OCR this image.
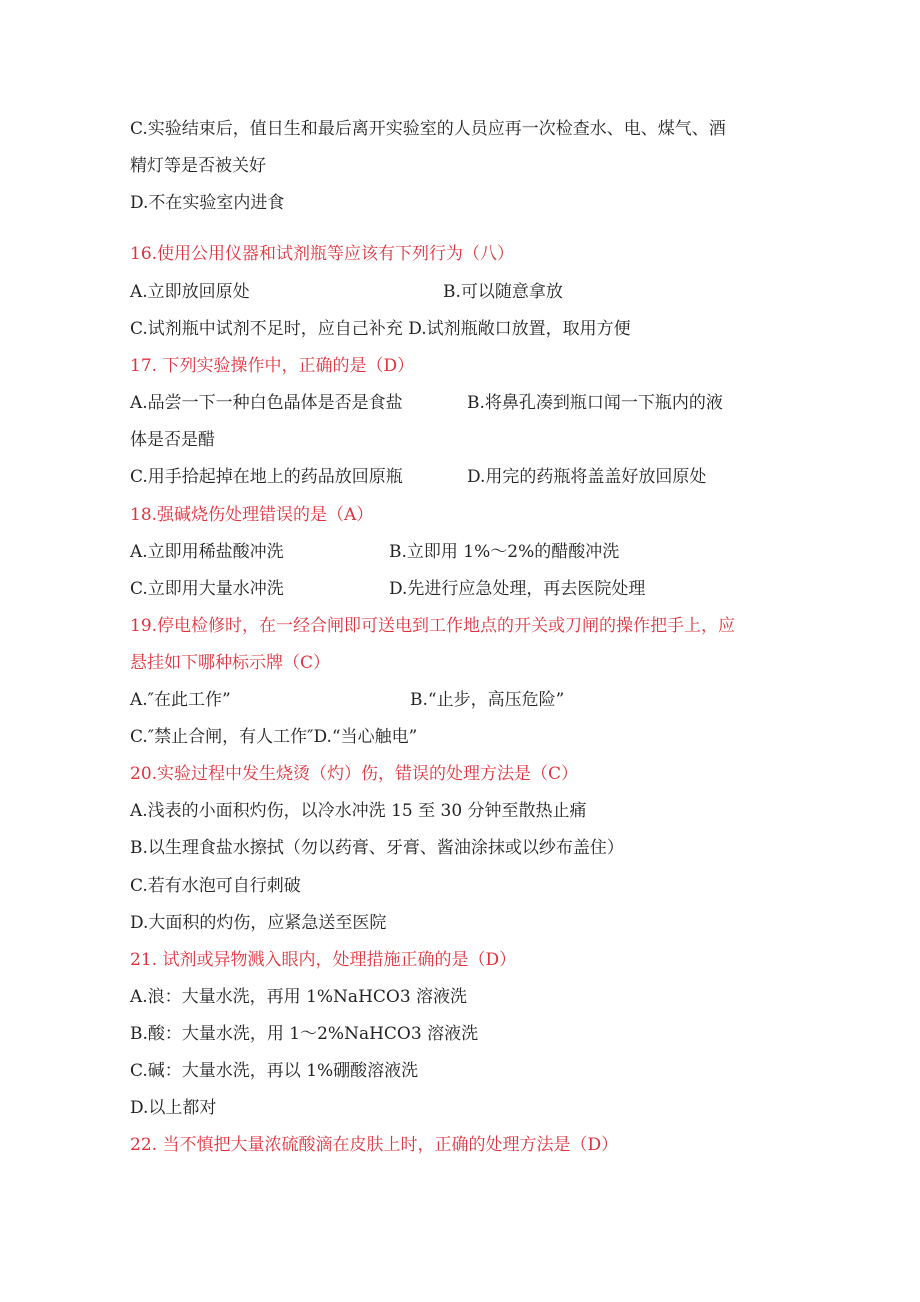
C.实验结束后，值日生和最后离开实验室的人员应再一次检查水、电、煤气、酒
精灯等是否被关好
D.不在实验室内进食
16.使用公用仪器和试剂瓶等应该有下列行为（八）
A.立即放回原处	B.可以随意拿放
C.试剂瓶中试剂不足时，应自己补充 D.试剂瓶敞口放置，取用方便
17. 下列实验操作中，正确的是（D）
A.品尝一下一种白色晶体是否是食盐	B.将鼻孔凑到瓶口闻一下瓶内的液
体是否是醋
C.用手拾起掉在地上的药品放回原瓶	D.用完的药瓶将盖盖好放回原处
18.强碱烧伤处理错误的是（A）
A.立即用稀盐酸冲洗	B.立即用 1%～2%的醋酸冲洗
C.立即用大量水冲洗	D.先进行应急处理，再去医院处理
19.停电检修时，在一经合闸即可送电到工作地点的开关或刀闸的操作把手上，应
悬挂如下哪种标示牌（C）
A.″在此工作”	B.“止步，高压危险”
C.″禁止合闸，有人工作″D.“当心触电”
20.实验过程中发生烧烫（灼）伤，错误的处理方法是（C）
A.浅表的小面积灼伤，以冷水冲洗 15 至 30 分钟至散热止痛
B.以生理食盐水擦拭（勿以药膏、牙膏、酱油涂抹或以纱布盖住）
C.若有水泡可自行刺破
D.大面积的灼伤，应紧急送至医院
21. 试剂或异物溅入眼内，处理措施正确的是（D）
A.浪：大量水洗，再用 1%NaHCO3 溶液洗
B.酸：大量水洗，用 1～2%NaHCO3 溶液洗
C.碱：大量水洗，再以 1%硼酸溶液洗
D.以上都对
22. 当不慎把大量浓硫酸滴在皮肤上时，正确的处理方法是（D）
